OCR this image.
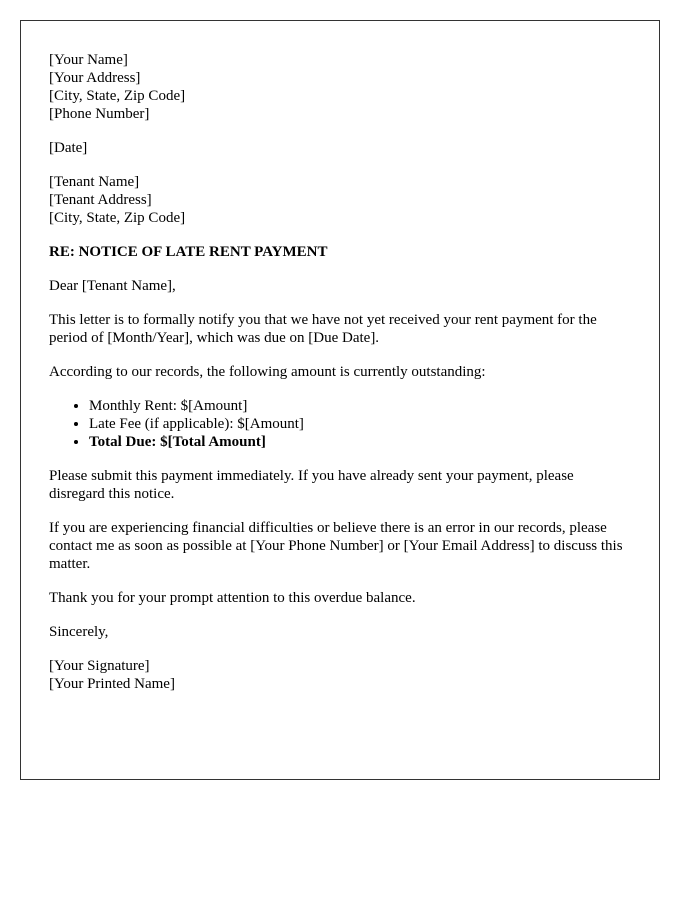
[Your Name]
[Your Address]
[City, State, Zip Code]
[Phone Number]
[Date]
[Tenant Name]
[Tenant Address]
[City, State, Zip Code]
RE: NOTICE OF LATE RENT PAYMENT

Dear [Tenant Name],

This letter is to formally notify you that we have not yet received your rent payment for the period of [Month/Year], which was due on [Due Date].

According to our records, the following amount is currently outstanding:

• Monthly Rent: $[Amount]
• Late Fee (if applicable): $[Amount]
• Total Due: $[Total Amount]

Please submit this payment immediately. If you have already sent your payment, please disregard this notice.

If you are experiencing financial difficulties or believe there is an error in our records, please contact me as soon as possible at [Your Phone Number] or [Your Email Address] to discuss this matter.

Thank you for your prompt attention to this overdue balance.

Sincerely,

[Your Signature]
[Your Printed Name]
